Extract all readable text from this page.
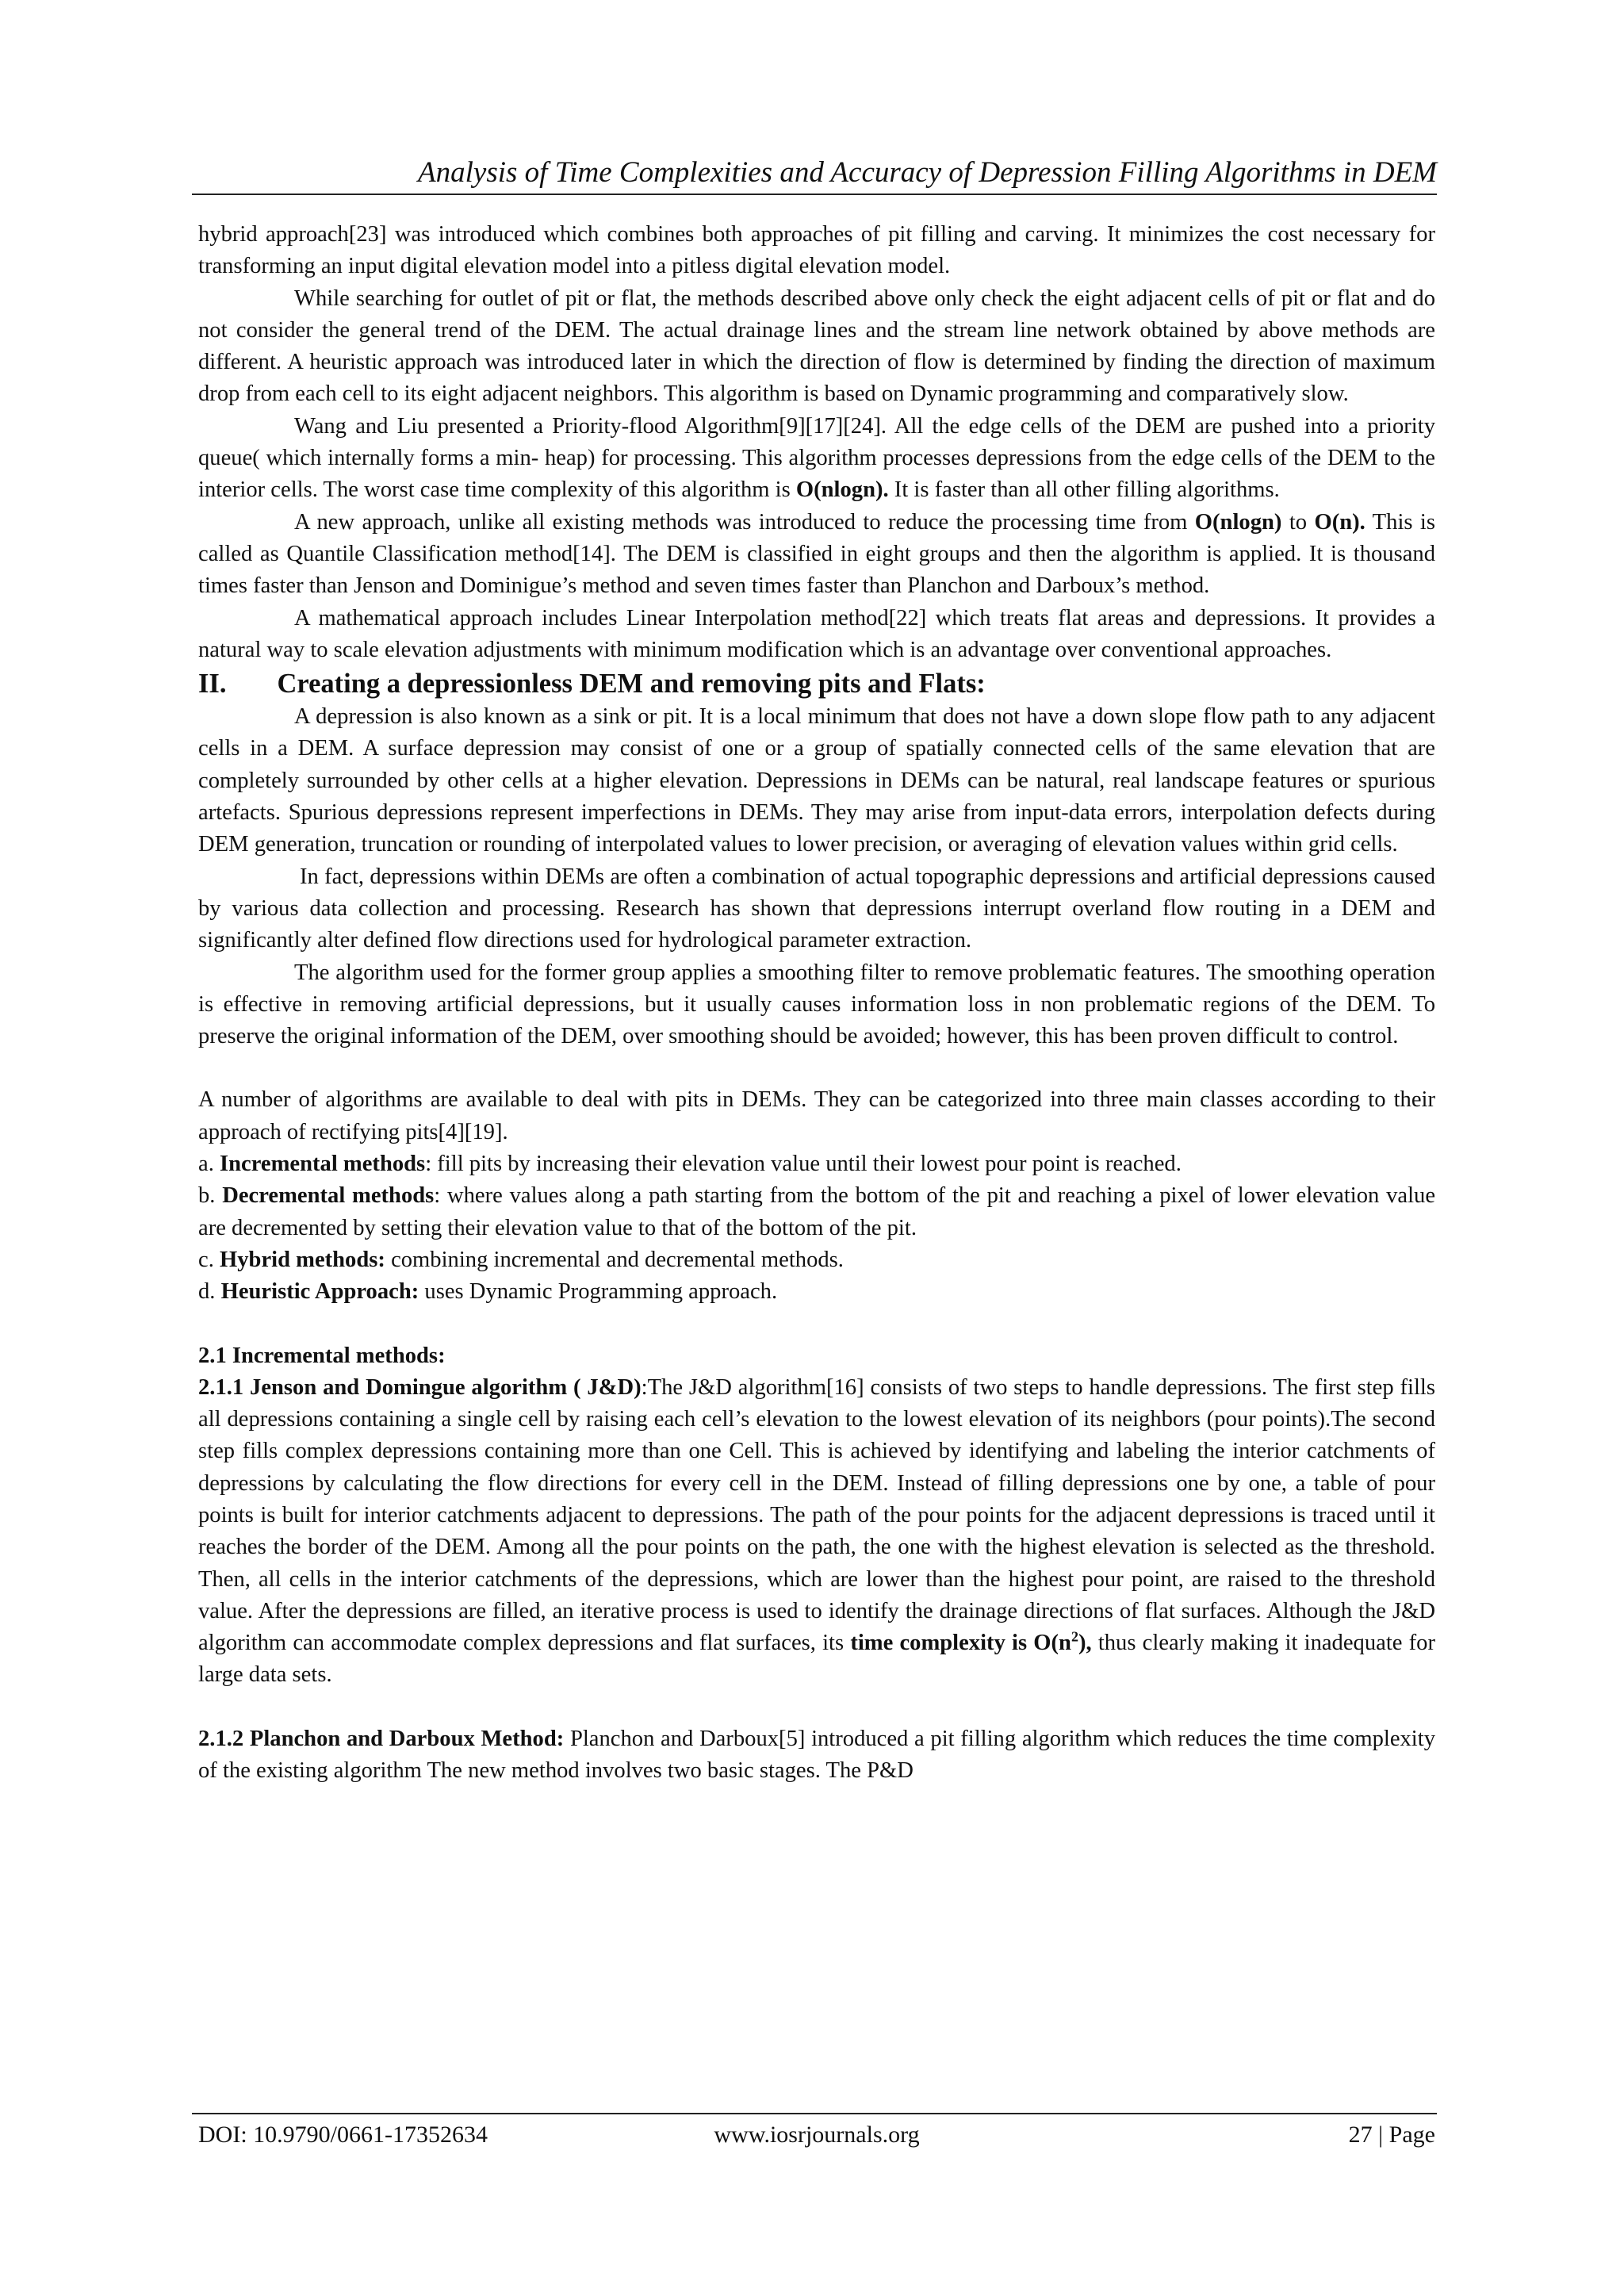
Analysis of Time Complexities and Accuracy of Depression Filling Algorithms in DEM

hybrid approach[23] was introduced which combines both approaches of pit filling and carving. It minimizes the cost necessary for transforming an input digital elevation model into a pitless digital elevation model.

While searching for outlet of pit or flat, the methods described above only check the eight adjacent cells of pit or flat and do not consider the general trend of the DEM. The actual drainage lines and the stream line network obtained by above methods are different. A heuristic approach was introduced later in which the direction of flow is determined by finding the direction of maximum drop from each cell to its eight adjacent neighbors. This algorithm is based on Dynamic programming and comparatively slow.

Wang and Liu presented a Priority-flood Algorithm[9][17][24]. All the edge cells of the DEM are pushed into a priority queue( which internally forms a min- heap) for processing. This algorithm processes depressions from the edge cells of the DEM to the interior cells. The worst case time complexity of this algorithm is O(nlogn). It is faster than all other filling algorithms.

A new approach, unlike all existing methods was introduced to reduce the processing time from O(nlogn) to O(n). This is called as Quantile Classification method[14]. The DEM is classified in eight groups and then the algorithm is applied. It is thousand times faster than Jenson and Dominigue’s method and seven times faster than Planchon and Darboux’s method.

A mathematical approach includes Linear Interpolation method[22] which treats flat areas and depressions. It provides a natural way to scale elevation adjustments with minimum modification which is an advantage over conventional approaches.

II. Creating a depressionless DEM and removing pits and Flats:

A depression is also known as a sink or pit. It is a local minimum that does not have a down slope flow path to any adjacent cells in a DEM. A surface depression may consist of one or a group of spatially connected cells of the same elevation that are completely surrounded by other cells at a higher elevation. Depressions in DEMs can be natural, real landscape features or spurious artefacts. Spurious depressions represent imperfections in DEMs. They may arise from input-data errors, interpolation defects during DEM generation, truncation or rounding of interpolated values to lower precision, or averaging of elevation values within grid cells.

In fact, depressions within DEMs are often a combination of actual topographic depressions and artificial depressions caused by various data collection and processing. Research has shown that depressions interrupt overland flow routing in a DEM and significantly alter defined flow directions used for hydrological parameter extraction.

The algorithm used for the former group applies a smoothing filter to remove problematic features. The smoothing operation is effective in removing artificial depressions, but it usually causes information loss in non problematic regions of the DEM. To preserve the original information of the DEM, over smoothing should be avoided; however, this has been proven difficult to control.

A number of algorithms are available to deal with pits in DEMs. They can be categorized into three main classes according to their approach of rectifying pits[4][19].

a. Incremental methods: fill pits by increasing their elevation value until their lowest pour point is reached.

b. Decremental methods: where values along a path starting from the bottom of the pit and reaching a pixel of lower elevation value are decremented by setting their elevation value to that of the bottom of the pit.

c. Hybrid methods: combining incremental and decremental methods.

d. Heuristic Approach: uses Dynamic Programming approach.

2.1 Incremental methods:

2.1.1 Jenson and Domingue algorithm ( J&D):The J&D algorithm[16] consists of two steps to handle depressions. The first step fills all depressions containing a single cell by raising each cell’s elevation to the lowest elevation of its neighbors (pour points).The second step fills complex depressions containing more than one Cell. This is achieved by identifying and labeling the interior catchments of depressions by calculating the flow directions for every cell in the DEM. Instead of filling depressions one by one, a table of pour points is built for interior catchments adjacent to depressions. The path of the pour points for the adjacent depressions is traced until it reaches the border of the DEM. Among all the pour points on the path, the one with the highest elevation is selected as the threshold. Then, all cells in the interior catchments of the depressions, which are lower than the highest pour point, are raised to the threshold value. After the depressions are filled, an iterative process is used to identify the drainage directions of flat surfaces. Although the J&D algorithm can accommodate complex depressions and flat surfaces, its time complexity is $O(n^2)$, thus clearly making it inadequate for large data sets.

2.1.2 Planchon and Darboux Method: Planchon and Darboux[5] introduced a pit filling algorithm which reduces the time complexity of the existing algorithm The new method involves two basic stages. The P&D

DOI: 10.9790/0661-17352634	www.iosrjournals.org	27 | Page
